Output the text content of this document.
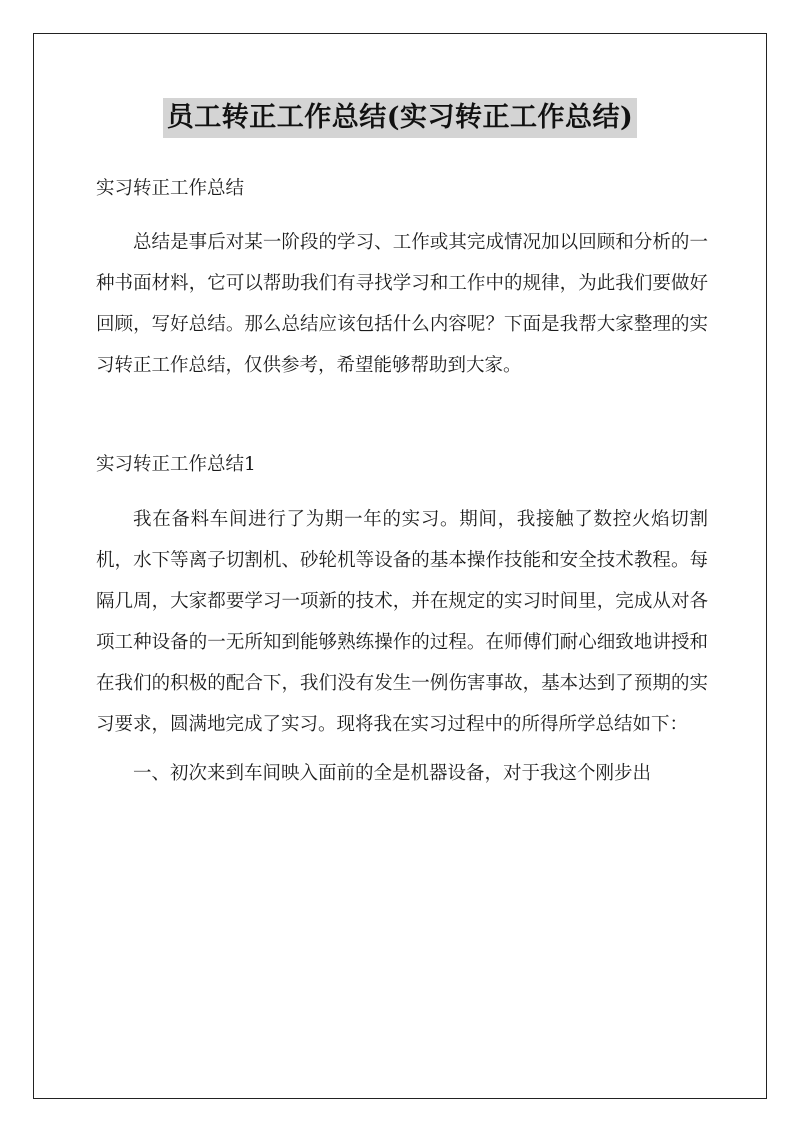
员工转正工作总结(实习转正工作总结)

实习转正工作总结

总结是事后对某一阶段的学习、工作或其完成情况加以回顾和分析的一种书面材料，它可以帮助我们有寻找学习和工作中的规律，为此我们要做好回顾，写好总结。那么总结应该包括什么内容呢？下面是我帮大家整理的实习转正工作总结，仅供参考，希望能够帮助到大家。

实习转正工作总结1

我在备料车间进行了为期一年的实习。期间，我接触了数控火焰切割机，水下等离子切割机、砂轮机等设备的基本操作技能和安全技术教程。每隔几周，大家都要学习一项新的技术，并在规定的实习时间里，完成从对各项工种设备的一无所知到能够熟练操作的过程。在师傅们耐心细致地讲授和在我们的积极的配合下，我们没有发生一例伤害事故，基本达到了预期的实习要求，圆满地完成了实习。现将我在实习过程中的所得所学总结如下：

一、初次来到车间映入面前的全是机器设备，对于我这个刚步出
